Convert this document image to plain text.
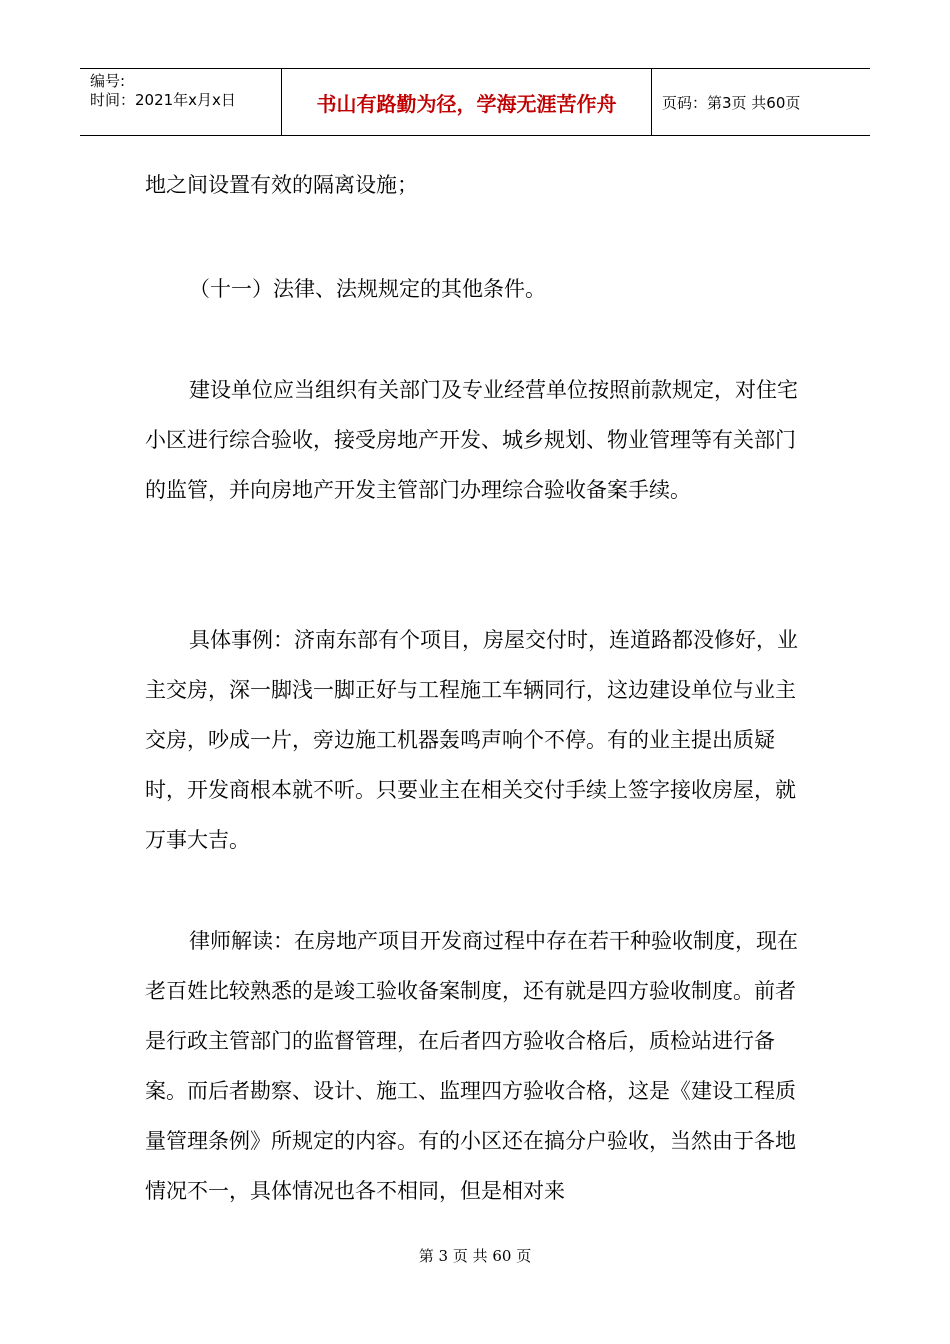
编号:
时间：2021年x月x日	书山有路勤为径，学海无涯苦作舟	页码：第3页 共60页

地之间设置有效的隔离设施；

（十一）法律、法规规定的其他条件。

建设单位应当组织有关部门及专业经营单位按照前款规定，对住宅小区进行综合验收，接受房地产开发、城乡规划、物业管理等有关部门的监管，并向房地产开发主管部门办理综合验收备案手续。

具体事例：济南东部有个项目，房屋交付时，连道路都没修好，业主交房，深一脚浅一脚正好与工程施工车辆同行，这边建设单位与业主交房，吵成一片，旁边施工机器轰鸣声响个不停。有的业主提出质疑时，开发商根本就不听。只要业主在相关交付手续上签字接收房屋，就万事大吉。

律师解读：在房地产项目开发商过程中存在若干种验收制度，现在老百姓比较熟悉的是竣工验收备案制度，还有就是四方验收制度。前者是行政主管部门的监督管理，在后者四方验收合格后，质检站进行备案。而后者勘察、设计、施工、监理四方验收合格，这是《建设工程质量管理条例》所规定的内容。有的小区还在搞分户验收，当然由于各地情况不一，具体情况也各不相同，但是相对来

第 3 页 共 60 页
